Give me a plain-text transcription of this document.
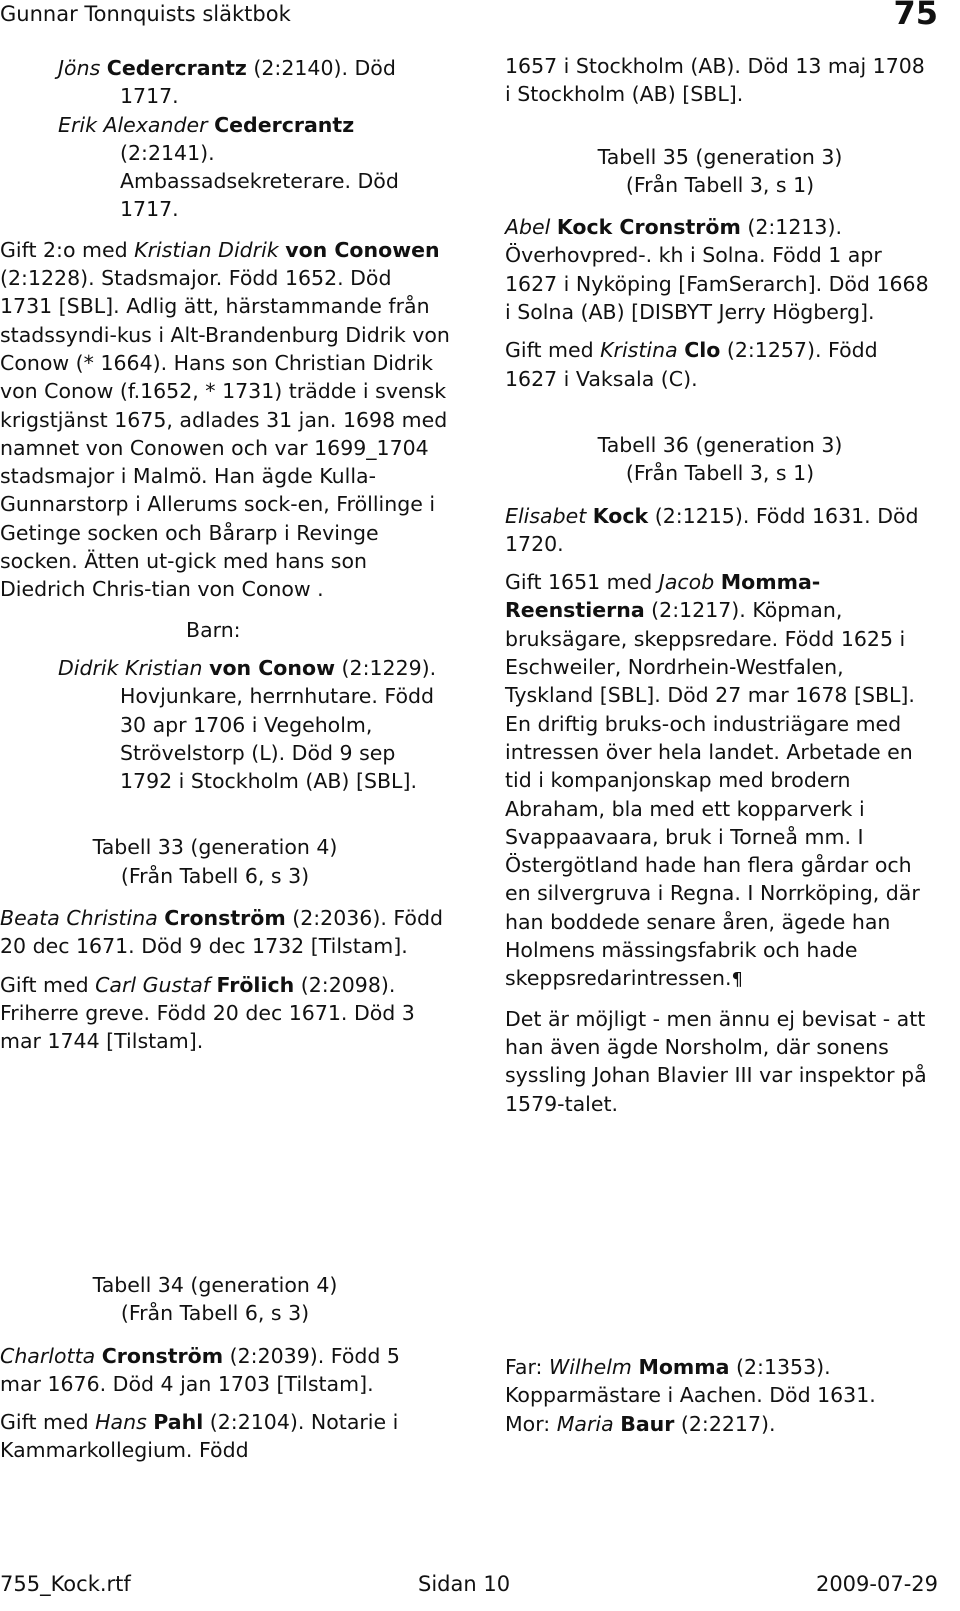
Gunnar Tonnquists släktbok	75

Jöns Cedercrantz (2:2140). Död 1717.

Erik Alexander Cedercrantz (2:2141). Ambassadsekreterare. Död 1717.

Gift 2:o med Kristian Didrik von Conowen (2:1228). Stadsmajor. Född 1652. Död 1731 [SBL]. Adlig ätt, härstammande från stadssyndi-kus i Alt-Brandenburg Didrik von Conow (* 1664). Hans son Christian Didrik von Conow (f.1652, * 1731) trädde i svensk krigstjänst 1675, adlades 31 jan. 1698 med namnet von Conowen och var 1699_1704 stadsmajor i Malmö. Han ägde Kulla-Gunnarstorp i Allerums sock-en, Fröllinge i Getinge socken och Bårarp i Revinge socken. Ätten ut-gick med hans son Diedrich Chris-tian von Conow .

Barn:

Didrik Kristian von Conow (2:1229). Hovjunkare, herrnhutare. Född 30 apr 1706 i Vegeholm, Strövelstorp (L). Död 9 sep 1792 i Stockholm (AB) [SBL].

Tabell 33 (generation 4)
(Från Tabell 6, s 3)

Beata Christina Cronström (2:2036). Född 20 dec 1671. Död 9 dec 1732 [Tilstam].

Gift med Carl Gustaf Frölich (2:2098). Friherre greve. Född 20 dec 1671. Död 3 mar 1744 [Tilstam].

Tabell 34 (generation 4)
(Från Tabell 6, s 3)

Charlotta Cronström (2:2039). Född 5 mar 1676. Död 4 jan 1703 [Tilstam].

Gift med Hans Pahl (2:2104). Notarie i Kammarkollegium. Född

1657 i Stockholm (AB). Död 13 maj 1708 i Stockholm (AB) [SBL].

Tabell 35 (generation 3)
(Från Tabell 3, s 1)

Abel Kock Cronström (2:1213). Överhovpred-. kh i Solna. Född 1 apr 1627 i Nyköping [FamSerarch]. Död 1668 i Solna (AB) [DISBYT Jerry Högberg].

Gift med Kristina Clo (2:1257). Född 1627 i Vaksala (C).

Tabell 36 (generation 3)
(Från Tabell 3, s 1)

Elisabet Kock (2:1215). Född 1631. Död 1720.

Gift 1651 med Jacob Momma-Reenstierna (2:1217). Köpman, bruksägare, skeppsredare. Född 1625 i Eschweiler, Nordrhein-Westfalen, Tyskland [SBL]. Död 27 mar 1678 [SBL]. En driftig bruks-och industriägare med intressen över hela landet. Arbetade en tid i kompanjonskap med brodern Abraham, bla med ett kopparverk i Svappaavaara, bruk i Torneå mm. I Östergötland hade han flera gårdar och en silvergruva i Regna. I Norrköping, där han boddede senare åren, ägede han Holmens mässingsfabrik och hade skeppsredarintressen.¶

Det är möjligt - men ännu ej bevisat - att han även ägde Norsholm, där sonens syssling Johan Blavier III var inspektor på 1579-talet.

Far: Wilhelm Momma (2:1353). Kopparmästare i Aachen. Död 1631.

Mor: Maria Baur (2:2217).

755_Kock.rtf	Sidan 10	2009-07-29
